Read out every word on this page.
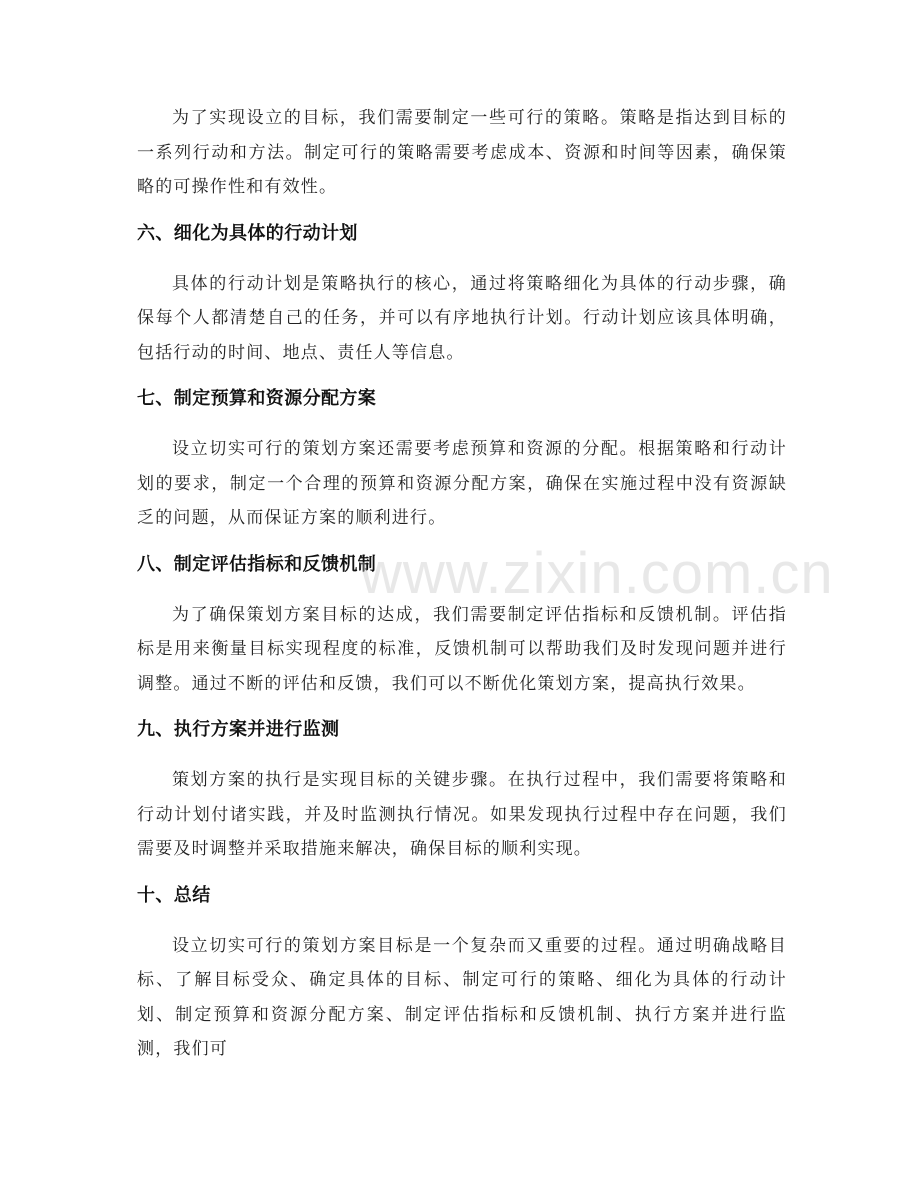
为了实现设立的目标，我们需要制定一些可行的策略。策略是指达到目标的一系列行动和方法。制定可行的策略需要考虑成本、资源和时间等因素，确保策略的可操作性和有效性。

六、细化为具体的行动计划

具体的行动计划是策略执行的核心，通过将策略细化为具体的行动步骤，确保每个人都清楚自己的任务，并可以有序地执行计划。行动计划应该具体明确，包括行动的时间、地点、责任人等信息。

七、制定预算和资源分配方案

设立切实可行的策划方案还需要考虑预算和资源的分配。根据策略和行动计划的要求，制定一个合理的预算和资源分配方案，确保在实施过程中没有资源缺乏的问题，从而保证方案的顺利进行。

八、制定评估指标和反馈机制

为了确保策划方案目标的达成，我们需要制定评估指标和反馈机制。评估指标是用来衡量目标实现程度的标准，反馈机制可以帮助我们及时发现问题并进行调整。通过不断的评估和反馈，我们可以不断优化策划方案，提高执行效果。

九、执行方案并进行监测

策划方案的执行是实现目标的关键步骤。在执行过程中，我们需要将策略和行动计划付诸实践，并及时监测执行情况。如果发现执行过程中存在问题，我们需要及时调整并采取措施来解决，确保目标的顺利实现。

十、总结

设立切实可行的策划方案目标是一个复杂而又重要的过程。通过明确战略目标、了解目标受众、确定具体的目标、制定可行的策略、细化为具体的行动计划、制定预算和资源分配方案、制定评估指标和反馈机制、执行方案并进行监测，我们可

www.zixin.com.cn
